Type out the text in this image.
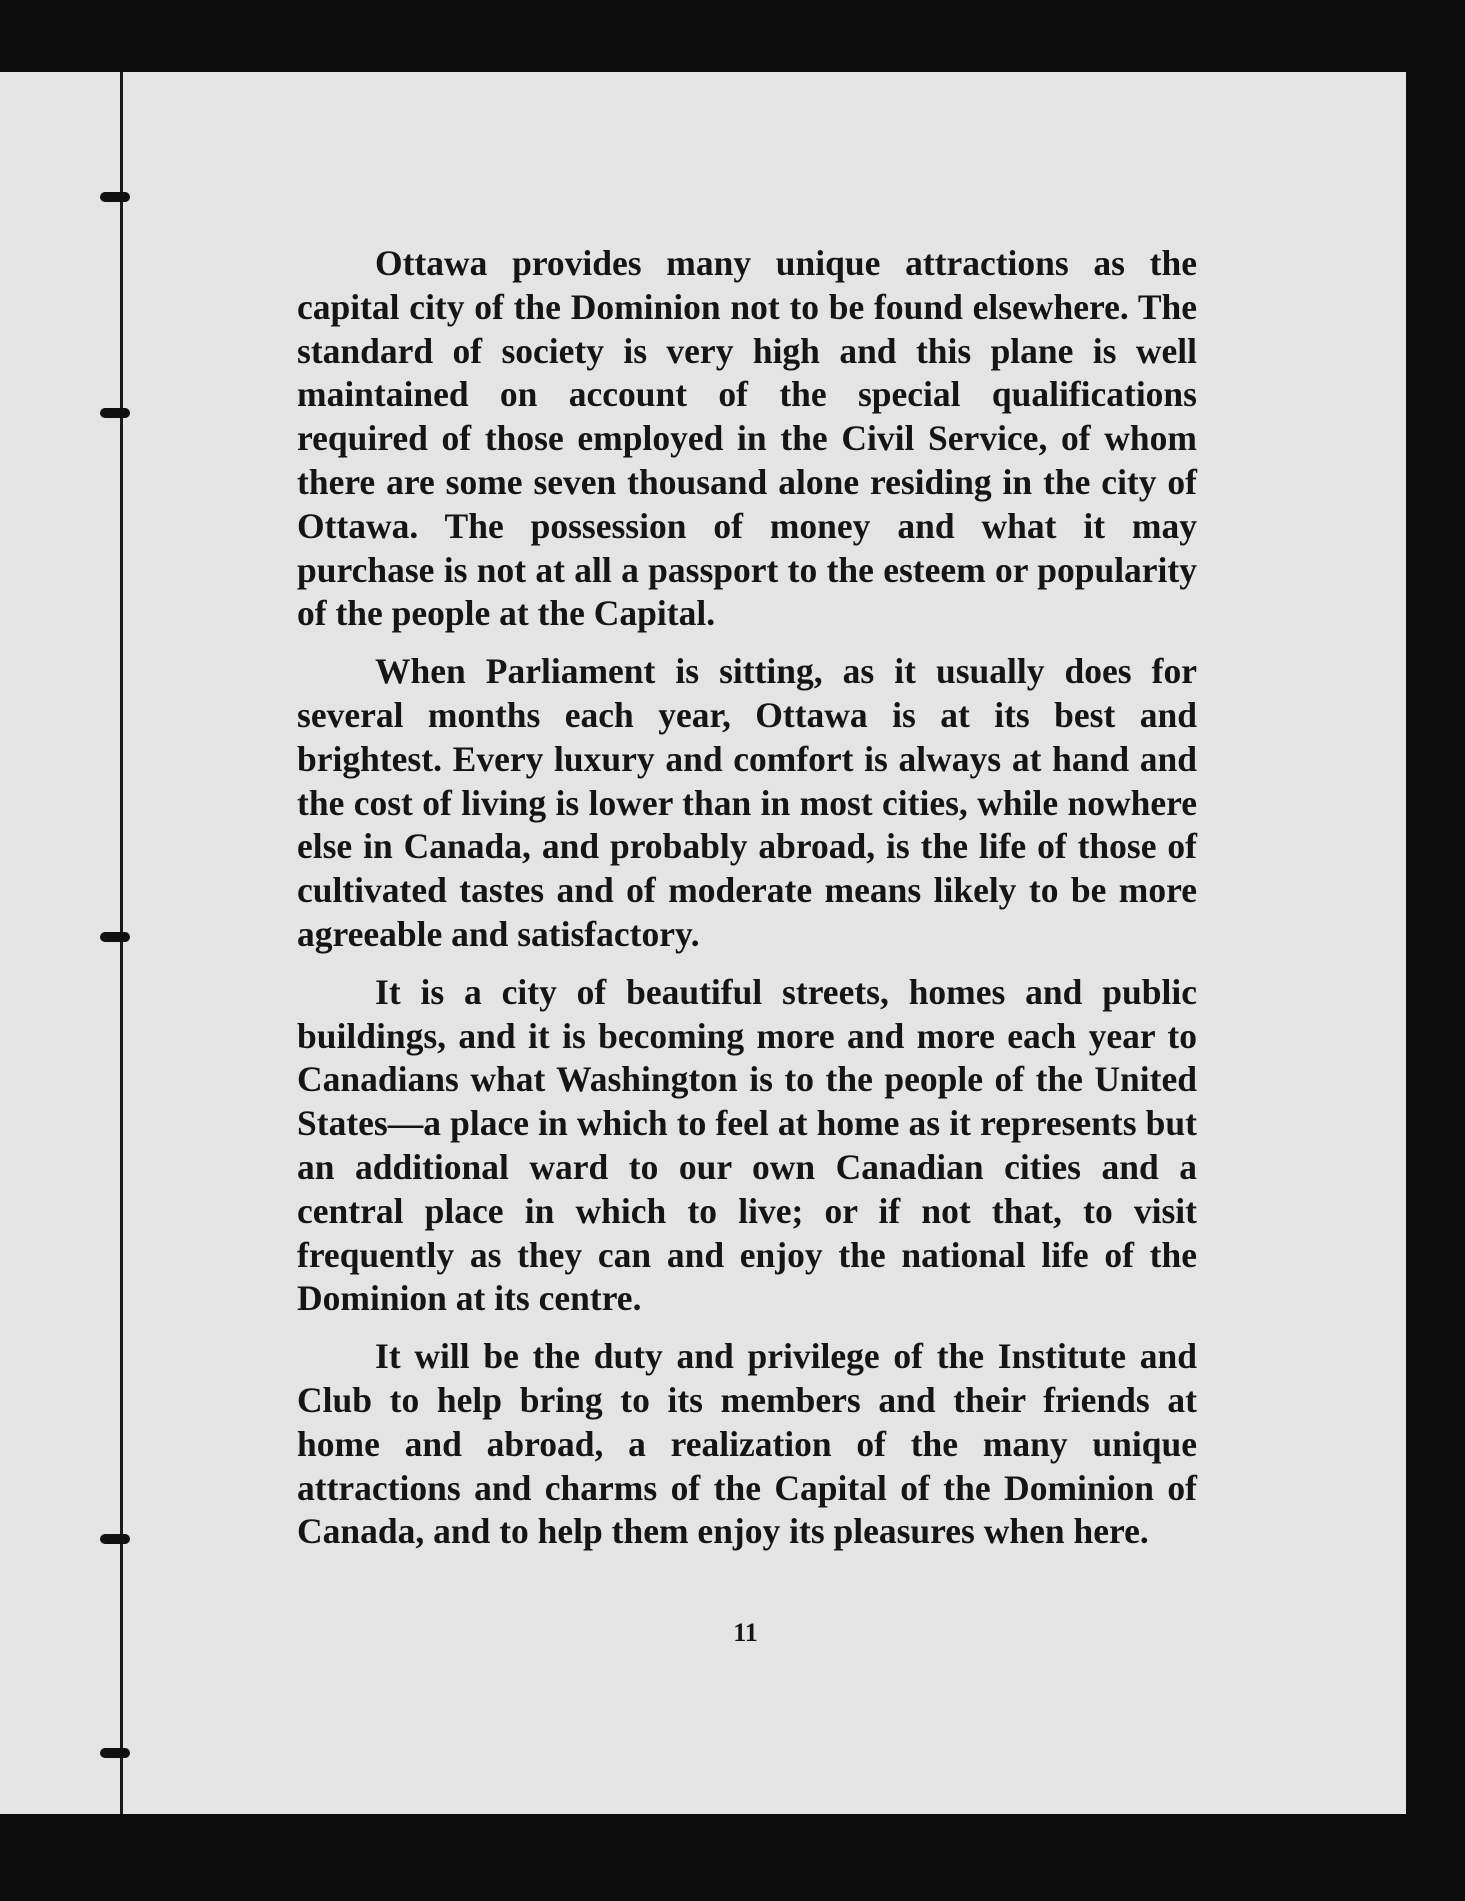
Ottawa provides many unique attractions as the capital city of the Dominion not to be found elsewhere. The standard of society is very high and this plane is well maintained on account of the special qualifications required of those employed in the Civil Service, of whom there are some seven thousand alone residing in the city of Ottawa. The possession of money and what it may purchase is not at all a passport to the esteem or popularity of the people at the Capital.

When Parliament is sitting, as it usually does for several months each year, Ottawa is at its best and brightest. Every luxury and comfort is always at hand and the cost of living is lower than in most cities, while nowhere else in Canada, and probably abroad, is the life of those of cultivated tastes and of moderate means likely to be more agreeable and satisfactory.

It is a city of beautiful streets, homes and public buildings, and it is becoming more and more each year to Canadians what Washington is to the people of the United States—a place in which to feel at home as it represents but an additional ward to our own Canadian cities and a central place in which to live; or if not that, to visit frequently as they can and enjoy the national life of the Dominion at its centre.

It will be the duty and privilege of the Institute and Club to help bring to its members and their friends at home and abroad, a realization of the many unique attractions and charms of the Capital of the Dominion of Canada, and to help them enjoy its pleasures when here.

11
